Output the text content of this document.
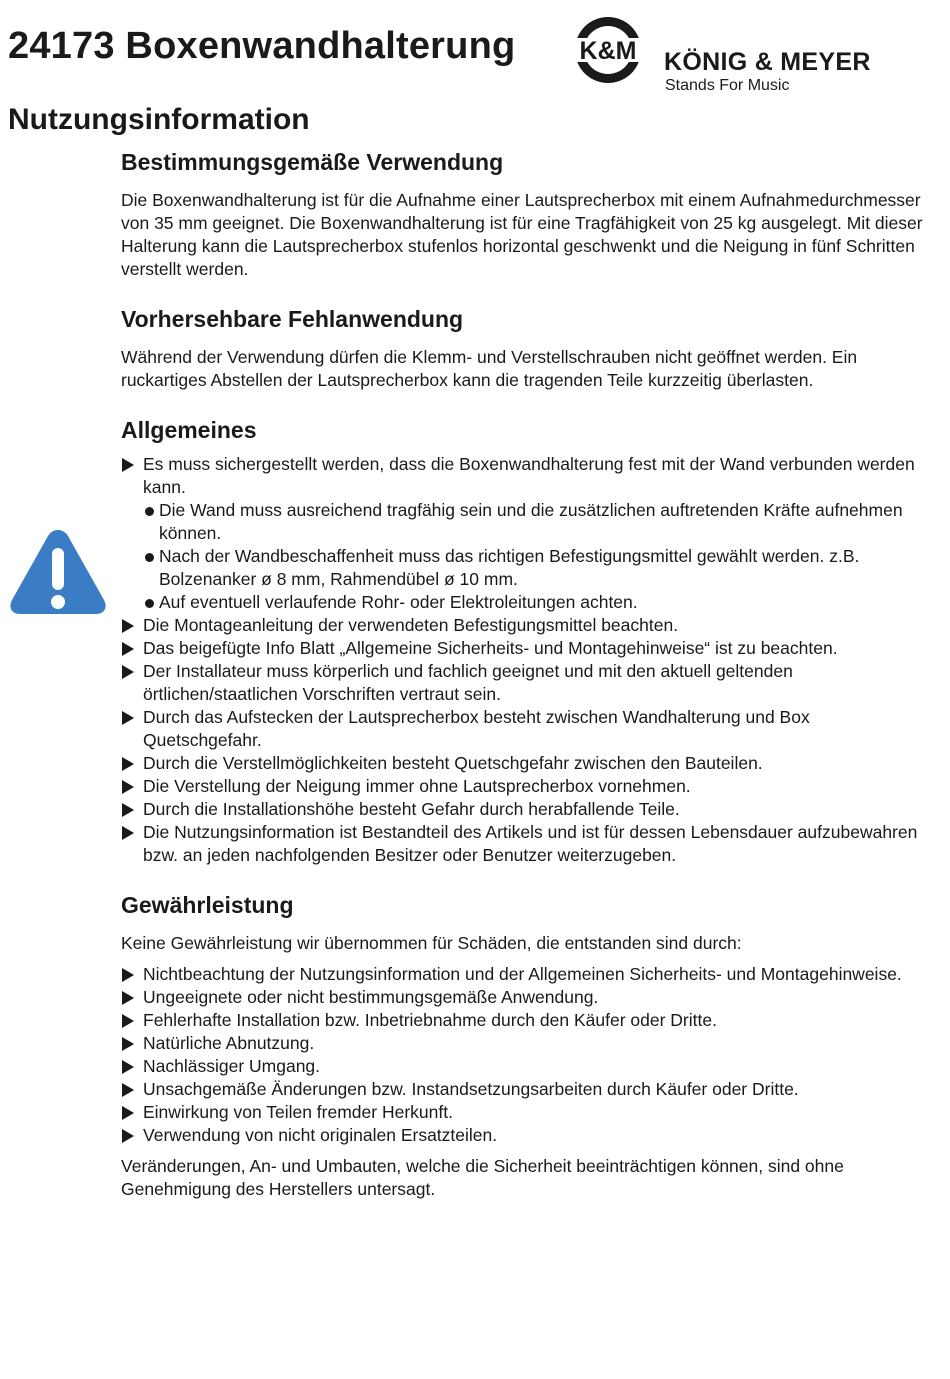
24173 Boxenwandhalterung	K&M KÖNIG & MEYER
Stands For Music
Nutzungsinformation
Bestimmungsgemäße Verwendung

Die Boxenwandhalterung ist für die Aufnahme einer Lautsprecherbox mit einem Aufnahmedurchmesser von 35 mm geeignet. Die Boxenwandhalterung ist für eine Tragfähigkeit von 25 kg ausgelegt. Mit dieser Halterung kann die Lautsprecherbox stufenlos horizontal geschwenkt und die Neigung in fünf Schritten verstellt werden.

Vorhersehbare Fehlanwendung

Während der Verwendung dürfen die Klemm- und Verstellschrauben nicht geöffnet werden. Ein ruckartiges Abstellen der Lautsprecherbox kann die tragenden Teile kurzzeitig überlasten.

Allgemeines
Es muss sichergestellt werden, dass die Boxenwandhalterung fest mit der Wand verbunden werden kann.
Die Wand muss ausreichend tragfähig sein und die zusätzlichen auftretenden Kräfte aufnehmen können.
Nach der Wandbeschaffenheit muss das richtigen Befestigungsmittel gewählt werden. z.B. Bolzenanker ø 8 mm, Rahmendübel ø 10 mm.
Auf eventuell verlaufende Rohr- oder Elektroleitungen achten.
Die Montageanleitung der verwendeten Befestigungsmittel beachten.
Das beigefügte Info Blatt „Allgemeine Sicherheits- und Montagehinweise“ ist zu beachten.
Der Installateur muss körperlich und fachlich geeignet und mit den aktuell geltenden örtlichen/staatlichen Vorschriften vertraut sein.
Durch das Aufstecken der Lautsprecherbox besteht zwischen Wandhalterung und Box Quetschgefahr.
Durch die Verstellmöglichkeiten besteht Quetschgefahr zwischen den Bauteilen.
Die Verstellung der Neigung immer ohne Lautsprecherbox vornehmen.
Durch die Installationshöhe besteht Gefahr durch herabfallende Teile.
Die Nutzungsinformation ist Bestandteil des Artikels und ist für dessen Lebensdauer aufzubewahren bzw. an jeden nachfolgenden Besitzer oder Benutzer weiterzugeben.
Gewährleistung

Keine Gewährleistung wir übernommen für Schäden, die entstanden sind durch:

Nichtbeachtung der Nutzungsinformation und der Allgemeinen Sicherheits- und Montagehinweise.
Ungeeignete oder nicht bestimmungsgemäße Anwendung.
Fehlerhafte Installation bzw. Inbetriebnahme durch den Käufer oder Dritte.
Natürliche Abnutzung.
Nachlässiger Umgang.
Unsachgemäße Änderungen bzw. Instandsetzungsarbeiten durch Käufer oder Dritte.
Einwirkung von Teilen fremder Herkunft.
Verwendung von nicht originalen Ersatzteilen.

Veränderungen, An- und Umbauten, welche die Sicherheit beeinträchtigen können, sind ohne Genehmigung des Herstellers untersagt.
